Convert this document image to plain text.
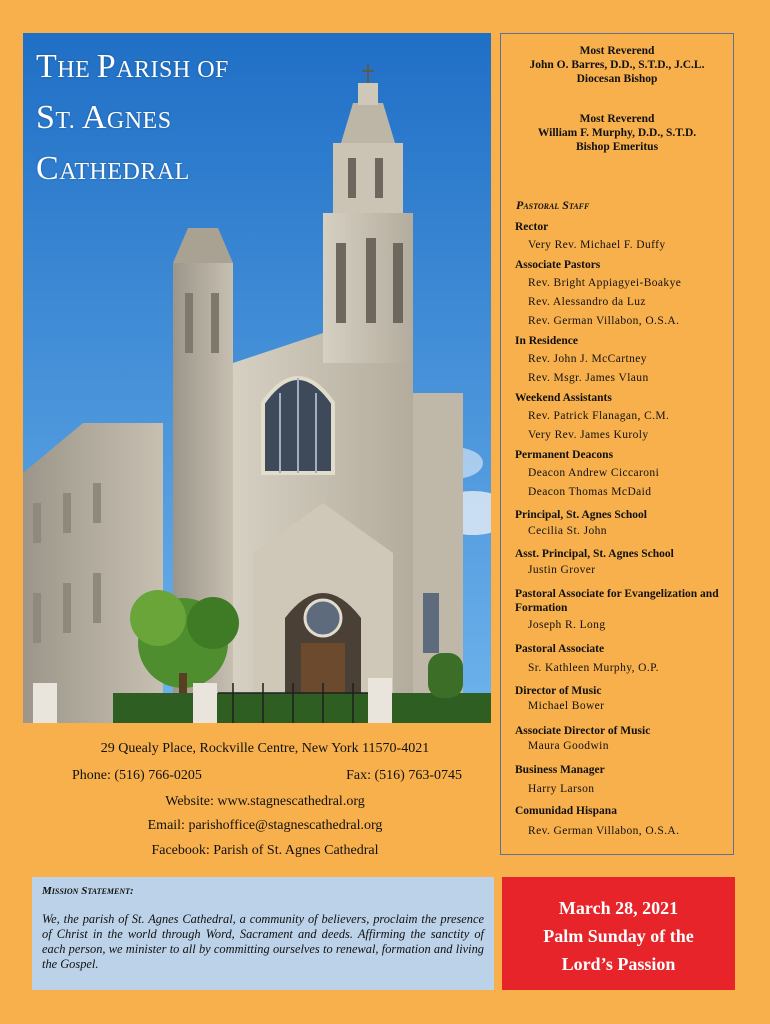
THE PARISH OF
ST. AGNES
CATHEDRAL
Most Reverend
John O. Barres, D.D., S.T.D., J.C.L.
Diocesan Bishop
Most Reverend
William F. Murphy, D.D., S.T.D.
Bishop Emeritus
Pastoral Staff
Rector
Very Rev. Michael F. Duffy
Associate Pastors
Rev. Bright Appiagyei-Boakye
Rev. Alessandro da Luz
Rev. German Villabon, O.S.A.
In Residence
Rev. John J. McCartney
Rev. Msgr. James Vlaun
Weekend Assistants
Rev. Patrick Flanagan, C.M.
Very Rev. James Kuroly
Permanent Deacons
Deacon Andrew Ciccaroni
Deacon Thomas McDaid
Principal, St. Agnes School
Cecilia St. John
Asst. Principal, St. Agnes School
Justin Grover
Pastoral Associate for Evangelization and Formation
Joseph R. Long
Pastoral Associate
Sr. Kathleen Murphy, O.P.
Director of Music
Michael Bower
Associate Director of Music
Maura Goodwin
Business Manager
Harry Larson
Comunidad Hispana
Rev. German Villabon, O.S.A.
29 Quealy Place, Rockville Centre, New York 11570-4021
Phone: (516) 766-0205	Fax: (516) 763-0745
Website: www.stagnescathedral.org
Email: parishoffice@stagnescathedral.org
Facebook: Parish of St. Agnes Cathedral
Mission Statement:
We, the parish of St. Agnes Cathedral, a community of believers, proclaim the presence of Christ in the world through Word, Sacrament and deeds. Affirming the sanctity of each person, we minister to all by committing ourselves to renewal, formation and living the Gospel.
March 28, 2021
Palm Sunday of the
Lord’s Passion
